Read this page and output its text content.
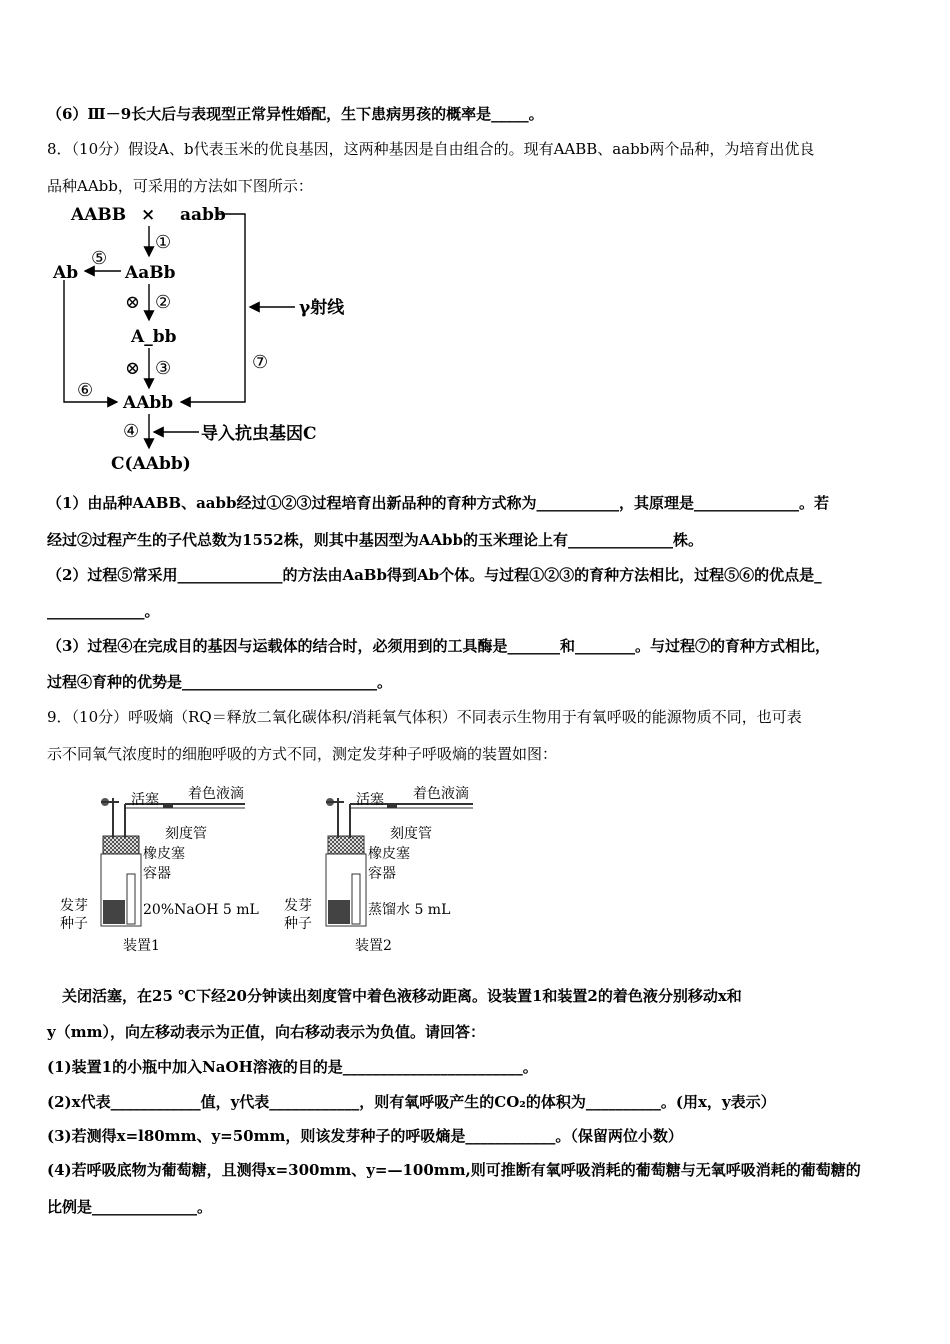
（6）Ⅲ－9长大后与表现型正常异性婚配，生下患病男孩的概率是_____。
8．（10分）假设A、b代表玉米的优良基因，这两种基因是自由组合的。现有AABB、aabb两个品种，为培育出优良
品种AAbb，可采用的方法如下图所示：
AABB × aabb
Ab	AaBb
A_bb
AAbb
C(AAbb)
导入抗虫基因C
γ射线
①
⑤
⊗ ②
⑦
⊗ ③
⑥
④
（1）由品种AABB、aabb经过①②③过程培育出新品种的育种方式称为___________，其原理是______________。若
经过②过程产生的子代总数为1552株，则其中基因型为AAbb的玉米理论上有______________株。
（2）过程⑤常采用______________的方法由AaBb得到Ab个体。与过程①②③的育种方法相比，过程⑤⑥的优点是_
_____________。
（3）过程④在完成目的基因与运载体的结合时，必须用到的工具酶是_______和________。与过程⑦的育种方式相比，
过程④育种的优势是__________________________。
9．（10分）呼吸熵（RQ＝释放二氧化碳体积/消耗氧气体积）不同表示生物用于有氧呼吸的能源物质不同，也可表
示不同氧气浓度时的细胞呼吸的方式不同，测定发芽种子呼吸熵的装置如图：
活塞 着色液滴
刻度管
橡皮塞
容器
发芽
种子
20%NaOH 5 mL
装置1
活塞 着色液滴
刻度管
橡皮塞
容器
发芽
种子
蒸馏水 5 mL
装置2
　关闭活塞，在25 ℃下经20分钟读出刻度管中着色液移动距离。设装置1和装置2的着色液分别移动x和
y（mm），向左移动表示为正值，向右移动表示为负值。请回答：
(1)装置1的小瓶中加入NaOH溶液的目的是________________________。
(2)x代表____________值，y代表____________，则有氧呼吸产生的CO₂的体积为__________。(用x，y表示）
(3)若测得x=l80mm、y=50mm，则该发芽种子的呼吸熵是____________。（保留两位小数）
(4)若呼吸底物为葡萄糖，且测得x=300mm、y=—100mm,则可推断有氧呼吸消耗的葡萄糖与无氧呼吸消耗的葡萄糖的
比例是______________。
